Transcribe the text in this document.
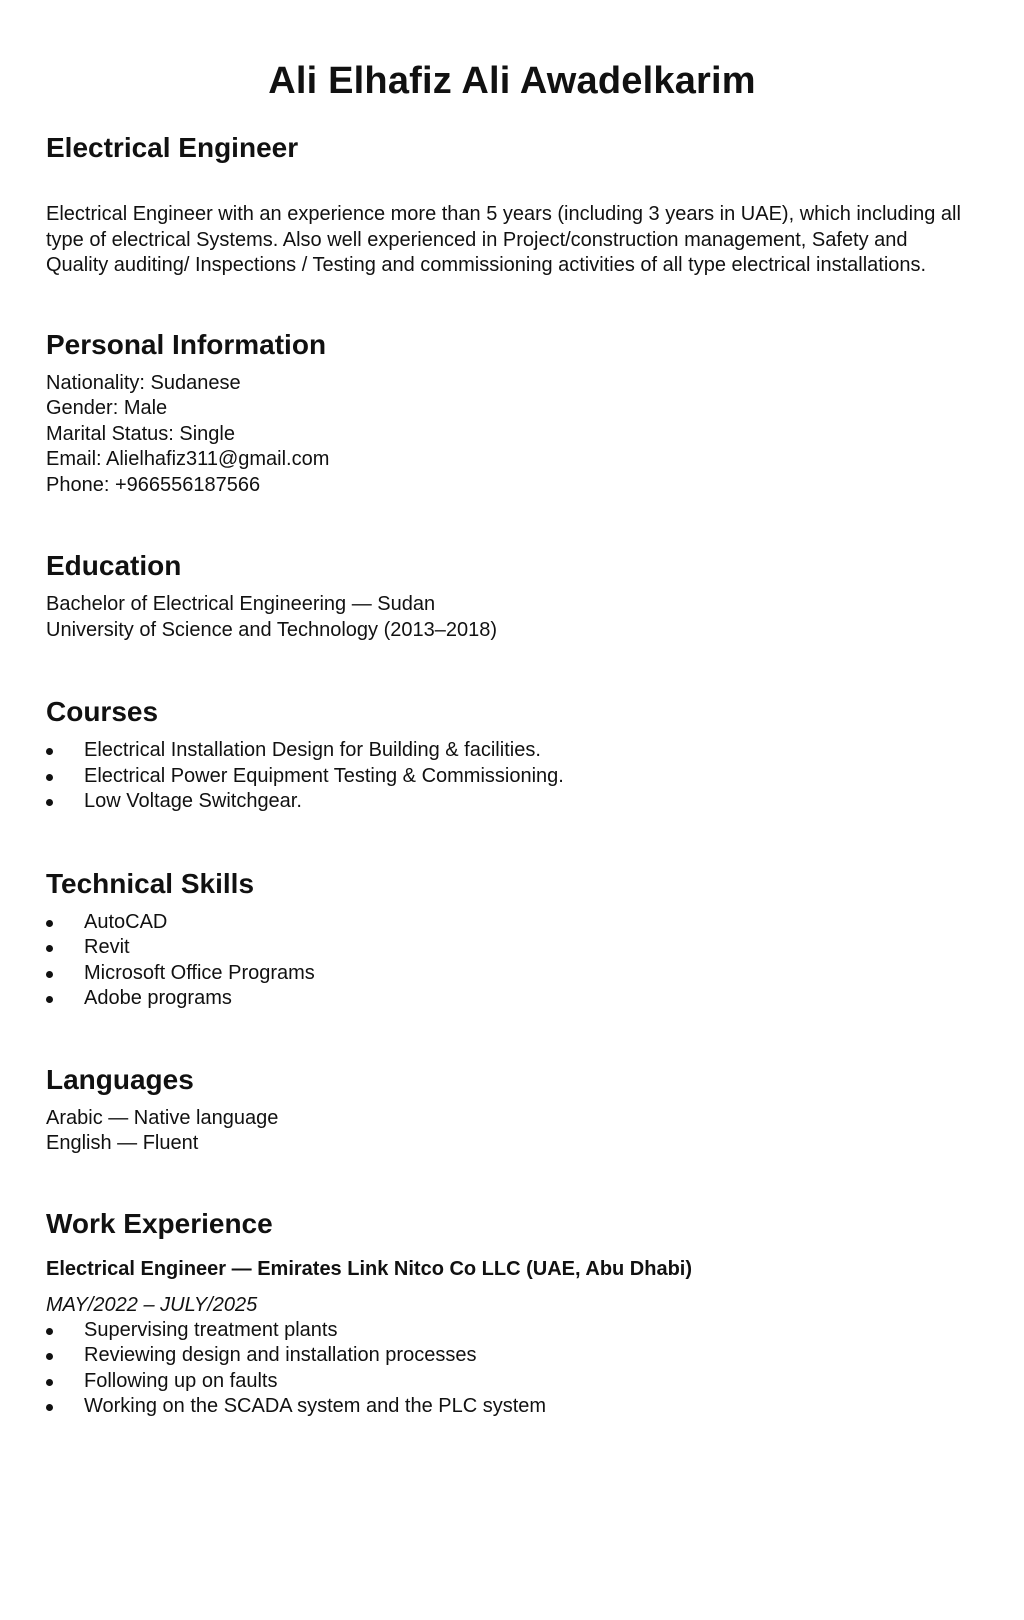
Ali Elhafiz Ali Awadelkarim
Electrical Engineer

Electrical Engineer with an experience more than 5 years (including 3 years in UAE), which including all type of electrical Systems. Also well experienced in Project/construction management, Safety and Quality auditing/ Inspections / Testing and commissioning activities of all type electrical installations.

Personal Information
Nationality: Sudanese
Gender: Male
Marital Status: Single
Email: Alielhafiz311@gmail.com
Phone: +966556187566
Education
Bachelor of Electrical Engineering — Sudan
University of Science and Technology (2013–2018)
Courses
Electrical Installation Design for Building & facilities.
Electrical Power Equipment Testing & Commissioning.
Low Voltage Switchgear.
Technical Skills
AutoCAD
Revit
Microsoft Office Programs
Adobe programs
Languages
Arabic — Native language
English — Fluent
Work Experience
Electrical Engineer — Emirates Link Nitco Co LLC (UAE, Abu Dhabi)
MAY/2022 – JULY/2025
Supervising treatment plants
Reviewing design and installation processes
Following up on faults
Working on the SCADA system and the PLC system
